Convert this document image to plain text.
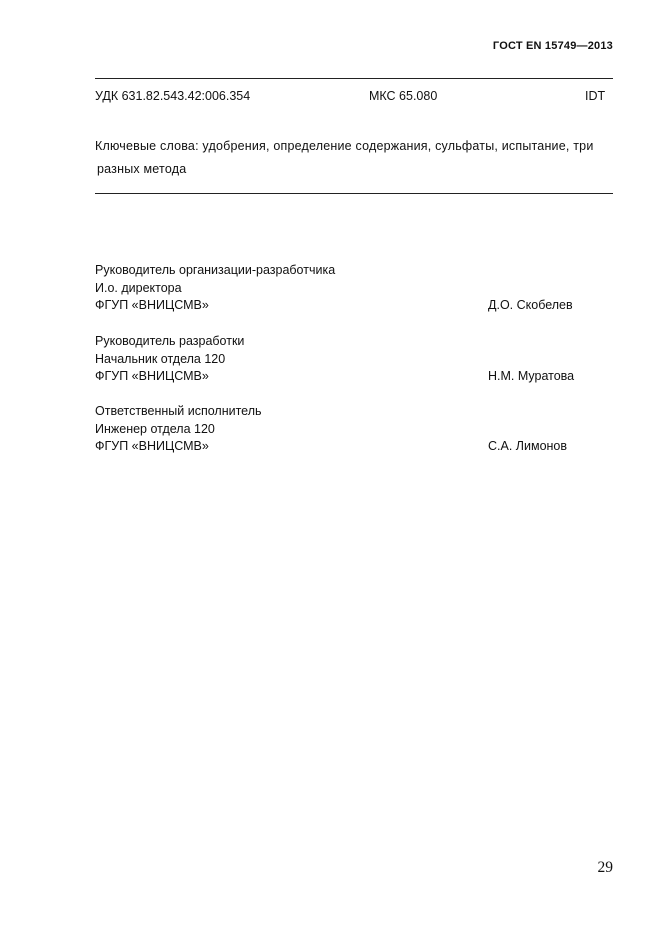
ГОСТ EN 15749—2013
УДК 631.82.543.42:006.354	МКС 65.080	IDT
Ключевые слова: удобрения, определение содержания, сульфаты, испытание, три
разных метода
Руководитель организации-разработчика
И.о. директора
ФГУП «ВНИЦСМВ»	Д.О. Скобелев
Руководитель разработки
Начальник отдела 120
ФГУП «ВНИЦСМВ»	Н.М. Муратова
Ответственный исполнитель
Инженер отдела 120
ФГУП «ВНИЦСМВ»	С.А. Лимонов
29
